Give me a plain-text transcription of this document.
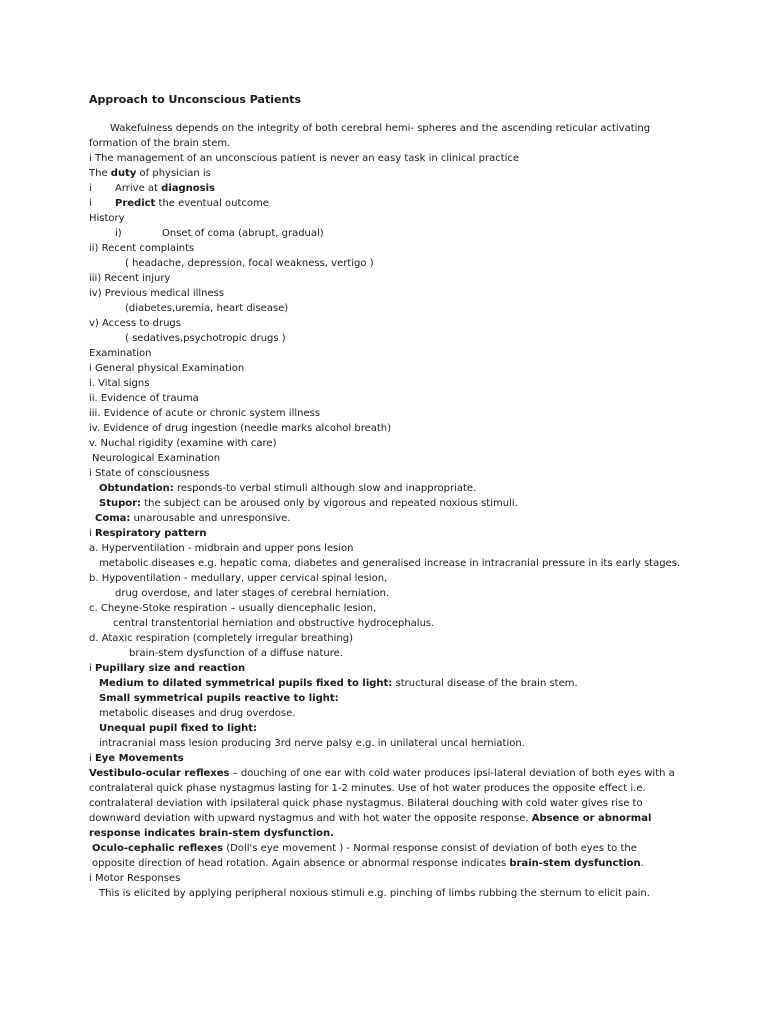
Approach to Unconscious Patients
Wakefulness depends on the integrity of both cerebral hemi- spheres and the ascending reticular activating formation of the brain stem.
i The management of an unconscious patient is never an easy task in clinical practice
The duty of physician is
i Arrive at diagnosis
i Predict the eventual outcome
History
i)	Onset of coma (abrupt, gradual)
ii) Recent complaints
( headache, depression, focal weakness, vertigo )
iii) Recent injury
iv) Previous medical illness
(diabetes,uremia, heart disease)
v) Access to drugs
( sedatives,psychotropic drugs )
Examination
i General physical Examination
i. Vital signs
ii. Evidence of trauma
iii. Evidence of acute or chronic system illness
iv. Evidence of drug ingestion (needle marks alcohol breath)
v. Nuchal rigidity (examine with care)
Neurological Examination
i State of consciousness
Obtundation: responds-to verbal stimuli although slow and inappropriate.
Stupor: the subject can be aroused only by vigorous and repeated noxious stimuli.
Coma: unarousable and unresponsive.
i Respiratory pattern
a. Hyperventilation - midbrain and upper pons lesion
metabolic diseases e.g. hepatic coma, diabetes and generalised increase in intracranial pressure in its early stages.
b. Hypoventilation - medullary, upper cervical spinal lesion,
drug overdose, and later stages of cerebral herniation.
c. Cheyne-Stoke respiration – usually diencephalic lesion,
central transtentorial herniation and obstructive hydrocephalus.
d. Ataxic respiration (completely irregular breathing)
brain-stem dysfunction of a diffuse nature.
i Pupillary size and reaction
Medium to dilated symmetrical pupils fixed to light: structural disease of the brain stem.
Small symmetrical pupils reactive to light:
metabolic diseases and drug overdose.
Unequal pupil fixed to light:
intracranial mass lesion producing 3rd nerve palsy e.g. in unilateral uncal herniation.
i Eye Movements
Vestibulo-ocular reflexes – douching of one ear with cold water produces ipsi-lateral deviation of both eyes with a contralateral quick phase nystagmus lasting for 1-2 minutes. Use of hot water produces the opposite effect i.e. contralateral deviation with ipsilateral quick phase nystagmus. Bilateral douching with cold water gives rise to downward deviation with upward nystagmus and with hot water the opposite response. Absence or abnormal response indicates brain-stem dysfunction.
Oculo-cephalic reflexes (Doll's eye movement ) - Normal response consist of deviation of both eyes to the opposite direction of head rotation. Again absence or abnormal response indicates brain-stem dysfunction.
i Motor Responses
This is elicited by applying peripheral noxious stimuli e.g. pinching of limbs rubbing the sternum to elicit pain.
